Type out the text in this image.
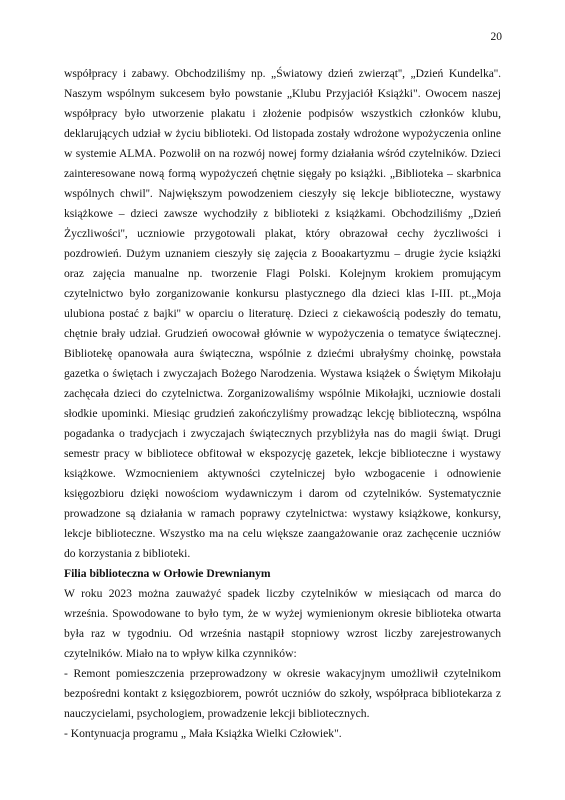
20
współpracy i zabawy. Obchodziliśmy np. „Światowy dzień zwierząt'', „Dzień Kundelka''.
Naszym wspólnym sukcesem było powstanie „Klubu Przyjaciół Książki". Owocem naszej
współpracy było utworzenie plakatu i złożenie podpisów wszystkich członków klubu,
deklarujących udział w życiu biblioteki. Od listopada zostały wdrożone wypożyczenia online
w systemie ALMA. Pozwolił on na rozwój nowej formy działania wśród czytelników. Dzieci
zainteresowane nową formą wypożyczeń chętnie sięgały po książki. „Biblioteka – skarbnica
wspólnych chwil''. Największym powodzeniem cieszyły się lekcje biblioteczne, wystawy
książkowe – dzieci zawsze wychodziły z biblioteki z książkami. Obchodziliśmy „Dzień
Życzliwości'', uczniowie przygotowali plakat, który obrazował cechy życzliwości i
pozdrowień. Dużym uznaniem cieszyły się zajęcia z Booakartyzmu – drugie życie książki
oraz zajęcia manualne np. tworzenie Flagi Polski. Kolejnym krokiem promującym
czytelnictwo było zorganizowanie konkursu plastycznego dla dzieci klas I-III. pt.„Moja
ulubiona postać z bajki'' w oparciu o literaturę. Dzieci z ciekawością podeszły do tematu,
chętnie brały udział. Grudzień owocował głównie w wypożyczenia o tematyce świątecznej.
Bibliotekę opanowała aura świąteczna, wspólnie z dziećmi ubrałyśmy choinkę, powstała
gazetka o świętach i zwyczajach Bożego Narodzenia. Wystawa książek o Świętym Mikołaju
zachęcała dzieci do czytelnictwa. Zorganizowaliśmy wspólnie Mikołajki, uczniowie dostali
słodkie upominki. Miesiąc grudzień zakończyliśmy prowadząc lekcję biblioteczną, wspólna
pogadanka o tradycjach i zwyczajach świątecznych przybliżyła nas do magii świąt. Drugi
semestr pracy w bibliotece obfitował w ekspozycję gazetek, lekcje biblioteczne i wystawy
książkowe. Wzmocnieniem aktywności czytelniczej było wzbogacenie i odnowienie
księgozbioru dzięki nowościom wydawniczym i darom od czytelników. Systematycznie
prowadzone są działania w ramach poprawy czytelnictwa: wystawy książkowe, konkursy,
lekcje biblioteczne. Wszystko ma na celu większe zaangażowanie oraz zachęcenie uczniów
do korzystania z biblioteki.
Filia biblioteczna w Orłowie Drewnianym
W roku 2023 można zauważyć spadek liczby czytelników w miesiącach od marca do
września. Spowodowane to było tym, że w wyżej wymienionym okresie biblioteka otwarta
była raz w tygodniu. Od września nastąpił stopniowy wzrost liczby zarejestrowanych
czytelników. Miało na to wpływ kilka czynników:
- Remont pomieszczenia przeprowadzony w okresie wakacyjnym umożliwił czytelnikom
bezpośredni kontakt z księgozbiorem, powrót uczniów do szkoły, współpraca bibliotekarza z
nauczycielami, psychologiem, prowadzenie lekcji bibliotecznych.
- Kontynuacja programu „ Mała Książka Wielki Człowiek".
